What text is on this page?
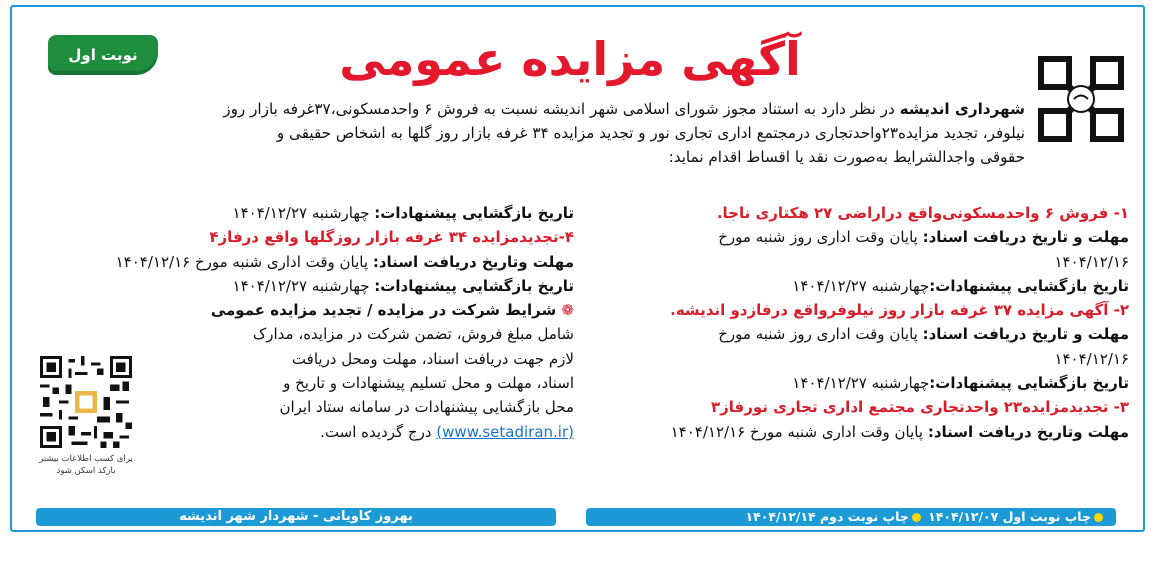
نوبت اول	آگهی مزایده عمومی
شهرداری اندیشه در نظر دارد به استناد مجوز شورای اسلامی شهر اندیشه نسبت به فروش ۶ واحدمسکونی،۳۷غرفه بازار روز
نیلوفر، تجدید مزایده۲۳واحدتجاری درمجتمع اداری تجاری نور و تجدید مزایده ۳۴ غرفه بازار روز گلها به اشخاص حقیقی و
حقوقی واجدالشرایط به‌صورت نقد یا اقساط اقدام نماید:
۱- فروش ۶ واحدمسکونی‌واقع دراراضی ۲۷ هکتاری ناجا.
مهلت و تاریخ دریافت اسناد: پایان وقت اداری روز شنبه مورخ
۱۴۰۴/۱۲/۱۶
تاریخ بازگشایی پیشنهادات:چهارشنبه ۱۴۰۴/۱۲/۲۷
۲- آگهی مزایده ۳۷ غرفه بازار روز نیلوفرواقع درفازدو اندیشه.
مهلت و تاریخ دریافت اسناد: پایان وقت اداری روز شنبه مورخ
۱۴۰۴/۱۲/۱۶
تاریخ بازگشایی پیشنهادات:چهارشنبه ۱۴۰۴/۱۲/۲۷
۳- تجدیدمزایده۲۳ واحدتجاری مجتمع اداری تجاری نورفاز۳
مهلت وتاریخ دریافت اسناد: پایان وقت اداری شنبه مورخ ۱۴۰۴/۱۲/۱۶
تاریخ بازگشایی پیشنهادات: چهارشنبه ۱۴۰۴/۱۲/۲۷
۴-تجدیدمزایده ۳۴ غرفه بازار روزگلها واقع درفاز۴
مهلت وتاریخ دریافت اسناد: پایان وقت اداری شنبه مورخ ۱۴۰۴/۱۲/۱۶
تاریخ بازگشایی پیشنهادات: چهارشنبه ۱۴۰۴/۱۲/۲۷
❁ شرایط شرکت در مزایده / تجدید مزایده عمومی
شامل مبلغ فروش، تضمن شرکت در مزایده، مدارک
لازم جهت دریافت اسناد، مهلت ومحل دریافت
اسناد، مهلت و محل تسلیم پیشنهادات و تاریخ و
محل بازگشایی پیشنهادات در سامانه ستاد ایران
(www.setadiran.ir) درج گردیده است.
برای کسب اطلاعات بیشتر بارکد اسکن شود
بهروز کاویانی - شهردار شهر اندیشه	چاپ نوبت اول ۱۴۰۴/۱۲/۰۷ چاپ نوبت دوم ۱۴۰۴/۱۲/۱۴
